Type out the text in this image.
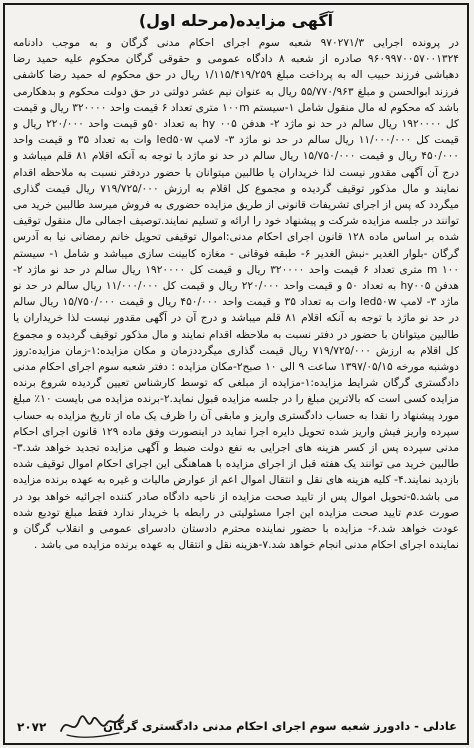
آگهی مزایده(مرحله اول)
در پرونده اجرایی ۹۷۰۲۷۱/۳ شعبه سوم اجرای احکام مدنی گرگان و به موجب دادنامه ۹۶۰۹۹۷۰۰۵۷۰۰۱۳۲۴ صادره از شعبه ۸ دادگاه عمومی و حقوقی گرگان محکوم علیه حمید رضا دهباشی فرزند حبیب اله به پرداخت مبلغ ۱/۱۱۵/۴۱۹/۲۵۹ ریال در حق محکوم له حمید رضا کاشفی فرزند ابوالحسن و مبلغ ۵۵/۷۷۰/۹۶۳ ریال به عنوان نیم عشر دولتی در حق دولت محکوم و بدهکارمی باشد که محکوم له مال منقول شامل ۱-سیستم ۱۰۰m متری تعداد ۶ قیمت واحد ۳۲۰۰۰۰ ریال و قیمت کل ۱۹۲۰۰۰۰ ریال سالم در حد نو ماژد ۲- هدفن hy ۰۰۵ به تعداد ۵۰و قیمت واحد ۲۲۰/۰۰۰ ریال و قیمت کل ۱۱/۰۰۰/۰۰۰ ریال سالم در حد نو ماژد ۳- لامپ led۵۰w وات به تعداد ۳۵ و قیمت واحد ۴۵۰/۰۰۰ ریال و قیمت ۱۵/۷۵۰/۰۰۰ ریال سالم در حد نو ماژد با توجه به آنکه اقلام ۸۱ قلم میباشد و درج آن آگهی مقدور نیست لذا خریداران یا طالبین میتوانان با حضور دردفتر نسبت به ملاحظه اقدام نمایند و مال مذکور توقیف گردیده و مجموع کل اقلام به ارزش ۷۱۹/۷۲۵/۰۰۰ ریال قیمت گذاری میگردد که پس از اجرای تشریفات قانونی از طریق مزایده حضوری به فروش میرسد طالبین خرید می توانند در جلسه مزایده شرکت و پیشنهاد خود را ارائه و تسلیم نمایند.توصیف اجمالی مال منقول توقیف شده بر اساس ماده ۱۲۸ قانون اجرای احکام مدنی:اموال توقیفی تحویل خانم رمضانی نیا به آدرس گرگان -بلوار الغدیر -نبش الغدیر ۶- طبقه فوقانی - مغازه کابینت سازی میباشد و شامل ۱- سیستم ۱۰۰ m متری تعداد ۶ قیمت واحد ۳۲۰۰۰۰ ریال و قیمت کل ۱۹۲۰۰۰۰ ریال سالم در حد نو ماژد ۲- هدفن hy۰۰۵ به تعداد ۵۰ و قیمت واحد ۲۲۰/۰۰۰ ریال و قیمت کل ۱۱/۰۰۰/۰۰۰ ریال سالم در حد نو ماژد ۳- لامپ led۵۰w وات به تعداد ۳۵ و قیمت واحد ۴۵۰/۰۰۰ ریال و قیمت ۱۵/۷۵۰/۰۰۰ ریال سالم در حد نو ماژد با توجه به آنکه اقلام ۸۱ قلم میباشد و درج آن در آگهی مقدور نیست لذا خریداران یا طالبین میتوانان با حضور در دفتر نسبت به ملاحظه اقدام نمایند و مال مذکور توقیف گردیده و مجموع کل اقلام به ارزش ۷۱۹/۷۲۵/۰۰۰ ریال قیمت گذاری میگرددزمان و مکان مزایده:۱-زمان مزایده:روز دوشنبه مورخه ۱۳۹۷/۰۵/۱۵ ساعت ۹ الی ۱۰ صبح۲-مکان مزایده : دفتر شعبه سوم اجرای احکام مدنی دادگستری گرگان شرایط مزایده:۱-مزایده از مبلغی که توسط کارشناس تعیین گردیده شروع برنده مزایده کسی است که بالاترین مبلغ را در جلسه مزایده قبول نماید.۲-برنده مزایده می بایست ۱۰٪ مبلغ مورد پیشنهاد را نقدا به حساب دادگستری واریز و مابقی آن را ظرف یک ماه از تاریخ مزایده به حساب سپرده واریز فیش واریز شده تحویل دایره اجرا نماید در اینصورت وفق ماده ۱۲۹ قانون اجرای احکام مدنی سپرده پس از کسر هزینه های اجرایی به نفع دولت ضبط و آگهی مزایده تجدید خواهد شد.۳-طالبین خرید می توانند یک هفته قبل از اجرای مزایده با هماهنگی این اجرای احکام اموال توقیف شده بازدید نمایند.۴- کلیه هزینه های نقل و انتقال اموال اعم از عوارض مالیات و غیره به عهده برنده مزایده می باشد.۵-تحویل اموال پس از تایید صحت مزایده از ناحیه دادگاه صادر کننده اجرائیه خواهد بود در صورت عدم تایید صحت مزایده این اجرا مسئولیتی در رابطه با خریدار ندارد فقط مبلغ تودیع شده عودت خواهد شد.۶- مزایده با حضور نماینده محترم دادستان دادسرای عمومی و انقلاب گرگان و نماینده اجرای احکام مدنی انجام خواهد شد.۷-هزینه نقل و انتقال به عهده برنده مزایده می باشد .
عادلی - دادورز شعبه سوم اجرای احکام مدنی دادگستری گرگان
۲۰۷۲
